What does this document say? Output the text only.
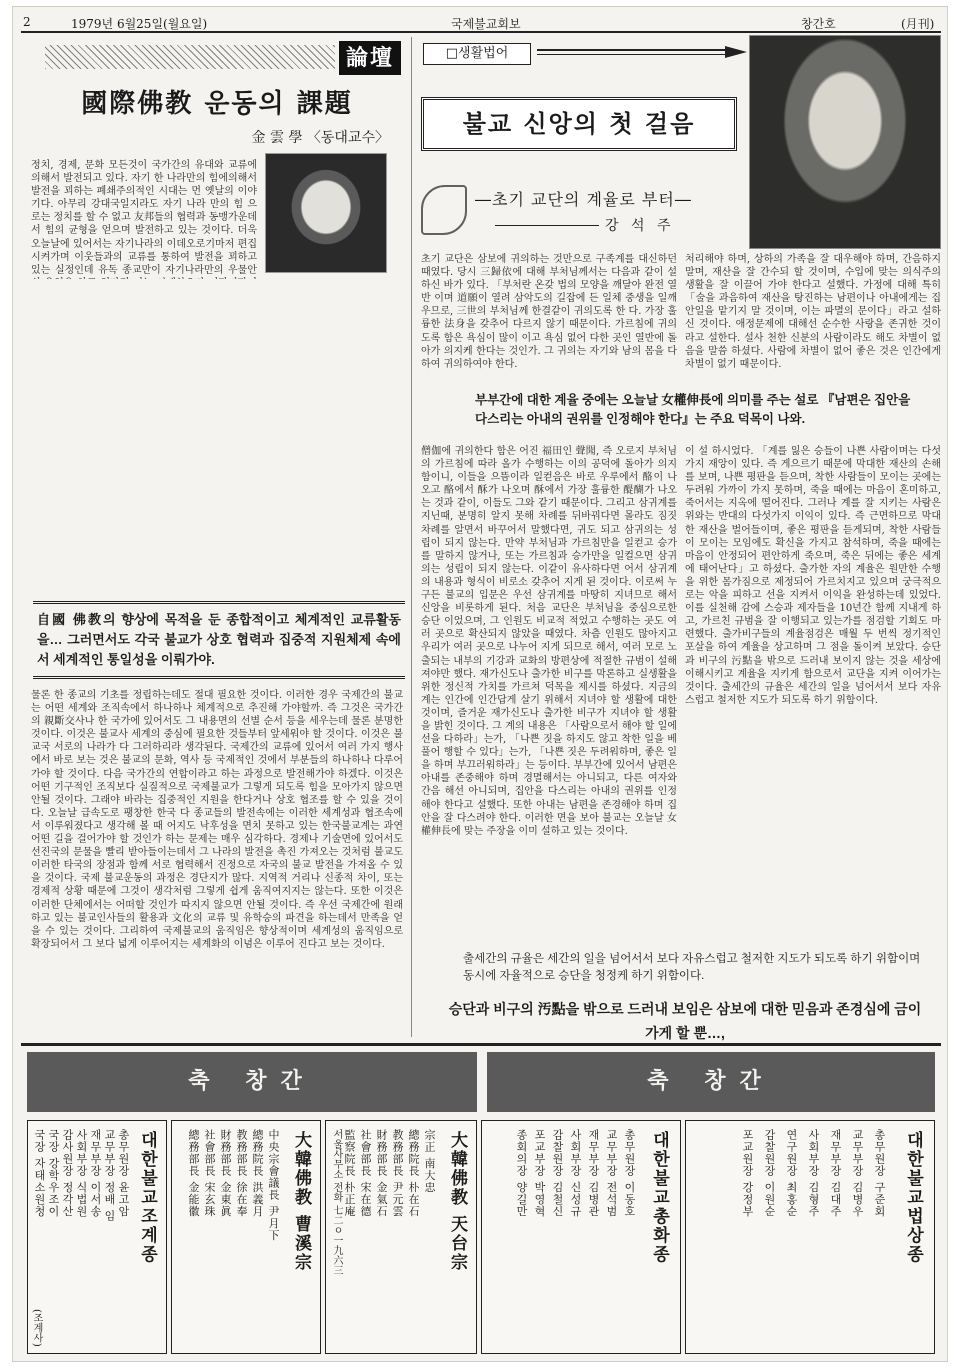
2	1979년 6월25일(월요일)	국제불교회보	창간호	(月刊)
論壇
國際佛教 운동의 課題
金 雲 學 〈동대교수〉
정치, 경제, 문화 모든것이 국가간의 유대와 교류에 의해서 발전되고 있다. 자기 한 나라만의 힘에의해서 발전을 꾀하는 폐쇄주의적인 시대는 먼 옛날의 이야기다. 아무리 강대국일지라도 자기 나라 만의 힘 으로는 정치를 할 수 없고 友邦들의 협력과 동맹가운데서 힘의 균형을 얻으며 발전하고 있는 것이다. 더욱 오늘날에 있어서는 자기나라의 이데오로기마저 편집시켜가며 이웃들과의 교류를 통하여 발전을 꾀하고 있는 실정인데 유독 종교만이 자기나라만의 우물안
自國 佛教의 향상에 목적을 둔 종합적이고 체계적인 교류활동을… 그러면서도 각국 불교가 상호 협력과 집중적 지원체제 속에서 세계적인 통일성을 이뤄가야.
물론 한 종교의 기초를 정립하는데도 절대 필요한 것이다. 이러한 경우 국제간의 불교는 어떤 세계와 조직속에서 하나하나 체계적으로 추진해 가야할까. 즉 그것은 국가간의 親斷交사나 한 국가에 있어서도 그 내용면의 선별 순서 등을 세우는데 물론 분명한 것이다. 이것은 불교사 세계의 중심에 필요한 것들부터 앞세워야 할 것이다. 이것은 불교국 서로의 나라가 다 그러하리라 생각된다. 국제간의 교류에 있어서 여러 가지 행사에서 바로 보는 것은 불교의 문화, 역사 등 국제적인 것에서 부분들의 하나하나 다루어 가야 할 것이다. 다음 국가간의 연합이라고 하는 과정으로 발전해가야 하겠다. 이것은 어떤 기구적인 조직보다 실질적으로 국제불교가 그렇게 되도록 힘을 모아가지 않으면 안될 것이다. 그래야 바라는 집중적인 지원을 한다거나 상호 협조를 할 수 있을 것이다. 오늘날 급속도로 팽창한 한국 다 종교들의 발전속에는 이러한 세계성과 협조속에서 이루워졌다고 생각해 볼 때 어지도 낙후성을 면치 못하고 있는 한국불교계는 과연 어떤 길을 걸어가야 할 것인가 하는 문제는 매우 심각하다. 경제나 기술면에 있어서도 선진국의 문물을 빨리 받아들이는데서 그 나라의 발전을 촉진 가져오는 것처럼 불교도 이러한 타국의 장점과 함께 서로 협력해서 진정으로 자국의 불교 발전을 가져올 수 있을 것이다. 국제 불교운동의 과정은 경단지가 많다. 지역적 거리나 신종적 차이, 또는 경제적 상황 때문에 그것이 생각처럼 그렇게 쉽게 움직여지지는 않는다. 또한 이것은 이러한 단체에서는 어떠할 것인가 따지지 않으면 안될 것이다. 즉 우선 국제간에 원래하고 있는 불교인사들의 활용과 文化의 교류 및 유학승의 파견을 하는데서 만족을 얻을 수 있는 것이다. 그리하여 국제불교의 움직임은 향상적이며 세계성의 움직임으로 확장되어서 그 보다 넓게 이루어지는 세계화의 이념은 이루어 진다고 보는 것이다.
□생활법어
불교 신앙의 첫 걸음
―초기 교단의 계율로 부터―
강 석 주
초기 교단은 삼보에 귀의하는 것만으로 구족계를 대신하던 때였다. 당시 三歸依에 대해 부처님께서는 다음과 같이 설하신 바가 있다. 「부처란 온갖 법의 모양을 깨달아 완전 열반 이며 道願이 열려 삼악도의 길잡에 든 일체 중생을 일깨우므로, 三世의 부처님께 한결같이 귀의도록 한 다. 가장 훌륭한 法身을 갖추어 다르지 않기 때문이다. 가르침에 귀의도록 함은 욕심이 많이 이고 욕심 없어 다한 곳인 열반에 돌아가 의지케 한다는 것인가. 그 귀의는 자기와 남의 몸을 다하여 귀의하여야 한다.
처리해야 하며, 상하의 가족을 잘 대우해야 하며, 간음하지 말며, 재산을 잘 간수되 할 것이며, 수입에 맞는 의식주의 생활을 잘 이끌어 가야 한다고 설했다. 가정에 대해 특히 「술을 과음하여 재산을 탕진하는 남편이나 아내에게는 집안일을 맡기지 말 것이며, 이는 파멸의 문이다」라고 설하신 것이다. 애정문제에 대해선 순수한 사랑을 존귀한 것이라고 설한다. 설사 천한 신분의 사람이라도 해도 차별이 없음을 말씀 하셨다. 사람에 차별이 없어 좋은 것은 인간에게 차별이 없기 때문이다.
부부간에 대한 계율 중에는 오늘날 女權伸長에 의미를 주는 설로 『남편은 집안을 다스리는 아내의 권위를 인정해야 한다』는 주요 덕목이 나와.
僧伽에 귀의한다 함은 어진 福田인 聲聞, 즉 오로지 부처님의 가르침에 따라 올가 수행하는 이의 공덕에 돌아가 의지함이니, 이들을 으뜸이라 일컫음은 바로 우루에서 酪이 나오고 酪에서 酥가 나오며 酥에서 가장 훌륭한 醍醐가 나오는 것과 같이, 이들도 그와 같기 때문이다. 그리고 삼귀계를 지닌때, 분명히 알지 못해 차례를 뒤바꿔다면 몰라도 짐짓 차례를 알면서 바꾸어서 말했다면, 귀도 되고 삼귀의는 성립이 되지 않는다. 만약 부처님과 가르침만을 일컫고 승가를 말하지 않거나, 또는 가르침과 승가만을 일컬으면 삼귀의는 성립이 되지 않는다. 이같이 유사하다면 어서 삼귀계의 내용과 형식이 비로소 갖추어 지게 된 것이다. 이로써 누구든 불교의 입문은 우선 삼귀계를 마땅히 지녀므로 해서 신앙을 비롯하게 된다. 처음 교단은 부처님을 중심으로한 승단 이었으며, 그 인원도 비교적 적었고 수행하는 곳도 여러 곳으로 확산되지 않았을 때였다. 차츰 인원도 많아지고 우리가 여러 곳으로 나누어 지게 되므로 해서, 여러 모로 노출되는 내부의 기강과 교화의 방편상에 적절한 규범이 설해 져야만 했다. 재가신도나 출가한 비구를 막론하고 실생활을 위한 정신적 가치를 가르쳐 덕목을 제시를 하셨다. 지금의 계는 인간에 인간답게 살기 위해서 지녀야 할 생활에 대한 것이며, 즐거운 재가신도나 출가한 비구가 지녀야 할 생활을 밝힌 것이다. 그 계의 내용은 「사람으로서 해야 할 일에 선을 다하라」는가, 「나쁜 짓을 하지도 않고 착한 일을 베풀어 행할 수 있다」는가, 「나쁜 짓은 두려워하며, 좋은 일을 하며 부끄러워하라」는 등이다. 부부간에 있어서 남편은 아내를 존중해야 하며 경멸해서는 아니되고, 다른 여자와 간음 해선 아니되며, 집안을 다스리는 아내의 권위를 인정해야 한다고 설했다. 또한 아내는 남편을 존경해야 하며 집안을 잘 다스려야 한다. 이러한 면을 보아 불교는 오늘날 女權伸長에 맞는 주장을 이미 설하고 있는 것이다.
이 설 하시었다. 「계를 잃은 승들이 나쁜 사람이며는 다섯가지 재앙이 있다. 즉 게으르기 때문에 막대한 재산의 손해를 보며, 나쁜 평판을 듣으며, 착한 사람들이 모이는 곳에는 두려워 가까이 가지 못하며, 죽을 때에는 마음이 혼미하고, 죽어서는 지옥에 떨어진다. 그러나 계를 잘 지키는 사람은 위와는 반대의 다섯가지 이익이 있다. 즉 근면하므로 막대한 재산을 벌어들이며, 좋은 평판을 듣게되며, 착한 사람들이 모이는 모임에도 확신을 가지고 참석하며, 죽을 때에는 마음이 안정되어 편안하게 죽으며, 죽은 뒤에는 좋은 세계에 태어난다」고 하셨다. 출가한 자의 계율은 원만한 수행을 위한 몸가짐으로 제정되어 가르치지고 있으며 궁극적으로는 악을 피하고 선을 지켜서 이익을 완성하는데 있었다. 이를 실천해 감에 스승과 제자들을 10년간 함께 지내게 하고, 가르친 규범을 잘 이행되고 있는가를 점검할 기회도 마련했다. 출가비구들의 계율점검은 매월 두 번씩 정기적인 포살을 하여 계율을 상고하며 그 점을 돌이켜 보았다. 승단과 비구의 污點을 밖으로 드러내 보이지 않는 것을 세상에 이해시키고 계율을 지키게 함으로서 교단을 지켜 이어가는 것이다. 출세간의 규율은 세간의 일을 넘어서서 보다 자유스럽고 철저한 지도가 되도록 하기 위함이다.
출세간의 규율은 세간의 일을 넘어서서 보다 자유스럽고 철저한 지도가 되도록 하기 위함이며 동시에 자율적으로 승단을 청정케 하기 위함이다.
승단과 비구의 汚點을 밖으로 드러내 보임은 삼보에 대한 믿음과 존경심에 금이 가게 할 뿐…,
축 창간	축 창간
대한불교조계종
총무원장 윤고암
교무부장 정배 임
재무부장 이서송
사회부장 식법원
감사원장 정각산
국장 강학우조이
국장 자태소원청
(조계사)
大韓佛教 曹溪宗
中央宗會議長 尹月下
總務院長 洪義月
教務部長 徐在奉
財務部長 金東眞
社會部長 宋玄珠
總務部長 金能徽	大韓佛教 天台宗
宗正 南大忠
總務院長 朴在石
教務部長 尹元雲
財務部長 金氣石
社會部長 宋在德
監察院長 朴正庵
서울사무소 전화 七二ㅇ一九六三	대한불교총화종
총무원장 이동호
교무부장 전석범
재무부장 김병관
사회부장 신성규
감찰원장 김철신
포교부장 박영혁
종회의장 양길만	대한불교법상종
총무원장 구준회
교무부장 김병우
재무부장 김대주
사회부장 김형주
연구원장 최홍순
감찰원장 이원순
포교원장 강정부
